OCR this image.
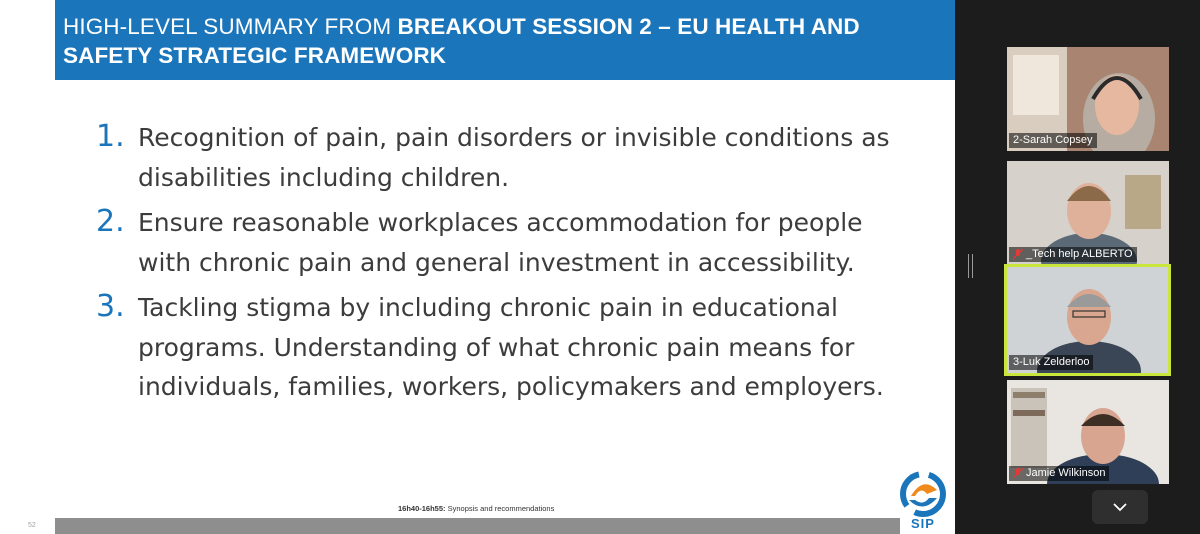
HIGH-LEVEL SUMMARY FROM BREAKOUT SESSION 2 – EU HEALTH AND
SAFETY STRATEGIC FRAMEWORK
1. Recognition of pain, pain disorders or invisible conditions as disabilities including children.
2. Ensure reasonable workplaces accommodation for people with chronic pain and general investment in accessibility.
3. Tackling stigma by including chronic pain in educational programs. Understanding of what chronic pain means for individuals, families, workers, policymakers and employers.
16h40-16h55: Synopsis and recommendations
52	SIP
2-Sarah Copsey
_Tech help ALBERTO
3-Luk Zelderloo
Jamie Wilkinson
